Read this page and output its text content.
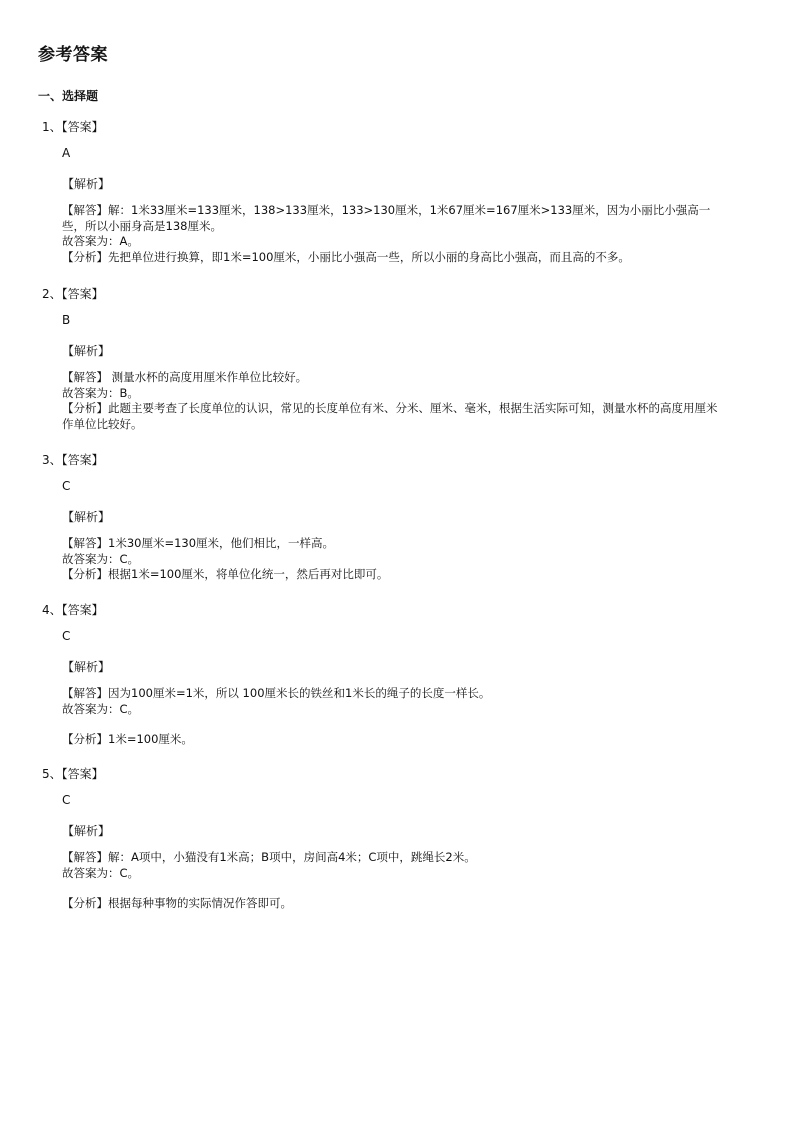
参考答案
一、选择题
1、【答案】
A
【解析】

【解答】解：1米33厘米=133厘米，138>133厘米，133>130厘米，1米67厘米=167厘米>133厘米，因为小丽比小强高一些，所以小丽身高是138厘米。

故答案为：A。

【分析】先把单位进行换算，即1米=100厘米，小丽比小强高一些，所以小丽的身高比小强高，而且高的不多。

2、【答案】
B
【解析】

【解答】 测量水杯的高度用厘米作单位比较好。

故答案为：B。

【分析】此题主要考查了长度单位的认识，常见的长度单位有米、分米、厘米、毫米，根据生活实际可知，测量水杯的高度用厘米作单位比较好。

3、【答案】
C
【解析】

【解答】1米30厘米=130厘米，他们相比，一样高。

故答案为：C。

【分析】根据1米=100厘米，将单位化统一，然后再对比即可。

4、【答案】
C
【解析】

【解答】因为100厘米=1米，所以 100厘米长的铁丝和1米长的绳子的长度一样长。

故答案为：C。

【分析】1米=100厘米。

5、【答案】
C
【解析】

【解答】解：A项中，小猫没有1米高；B项中，房间高4米；C项中，跳绳长2米。

故答案为：C。

【分析】根据每种事物的实际情况作答即可。
